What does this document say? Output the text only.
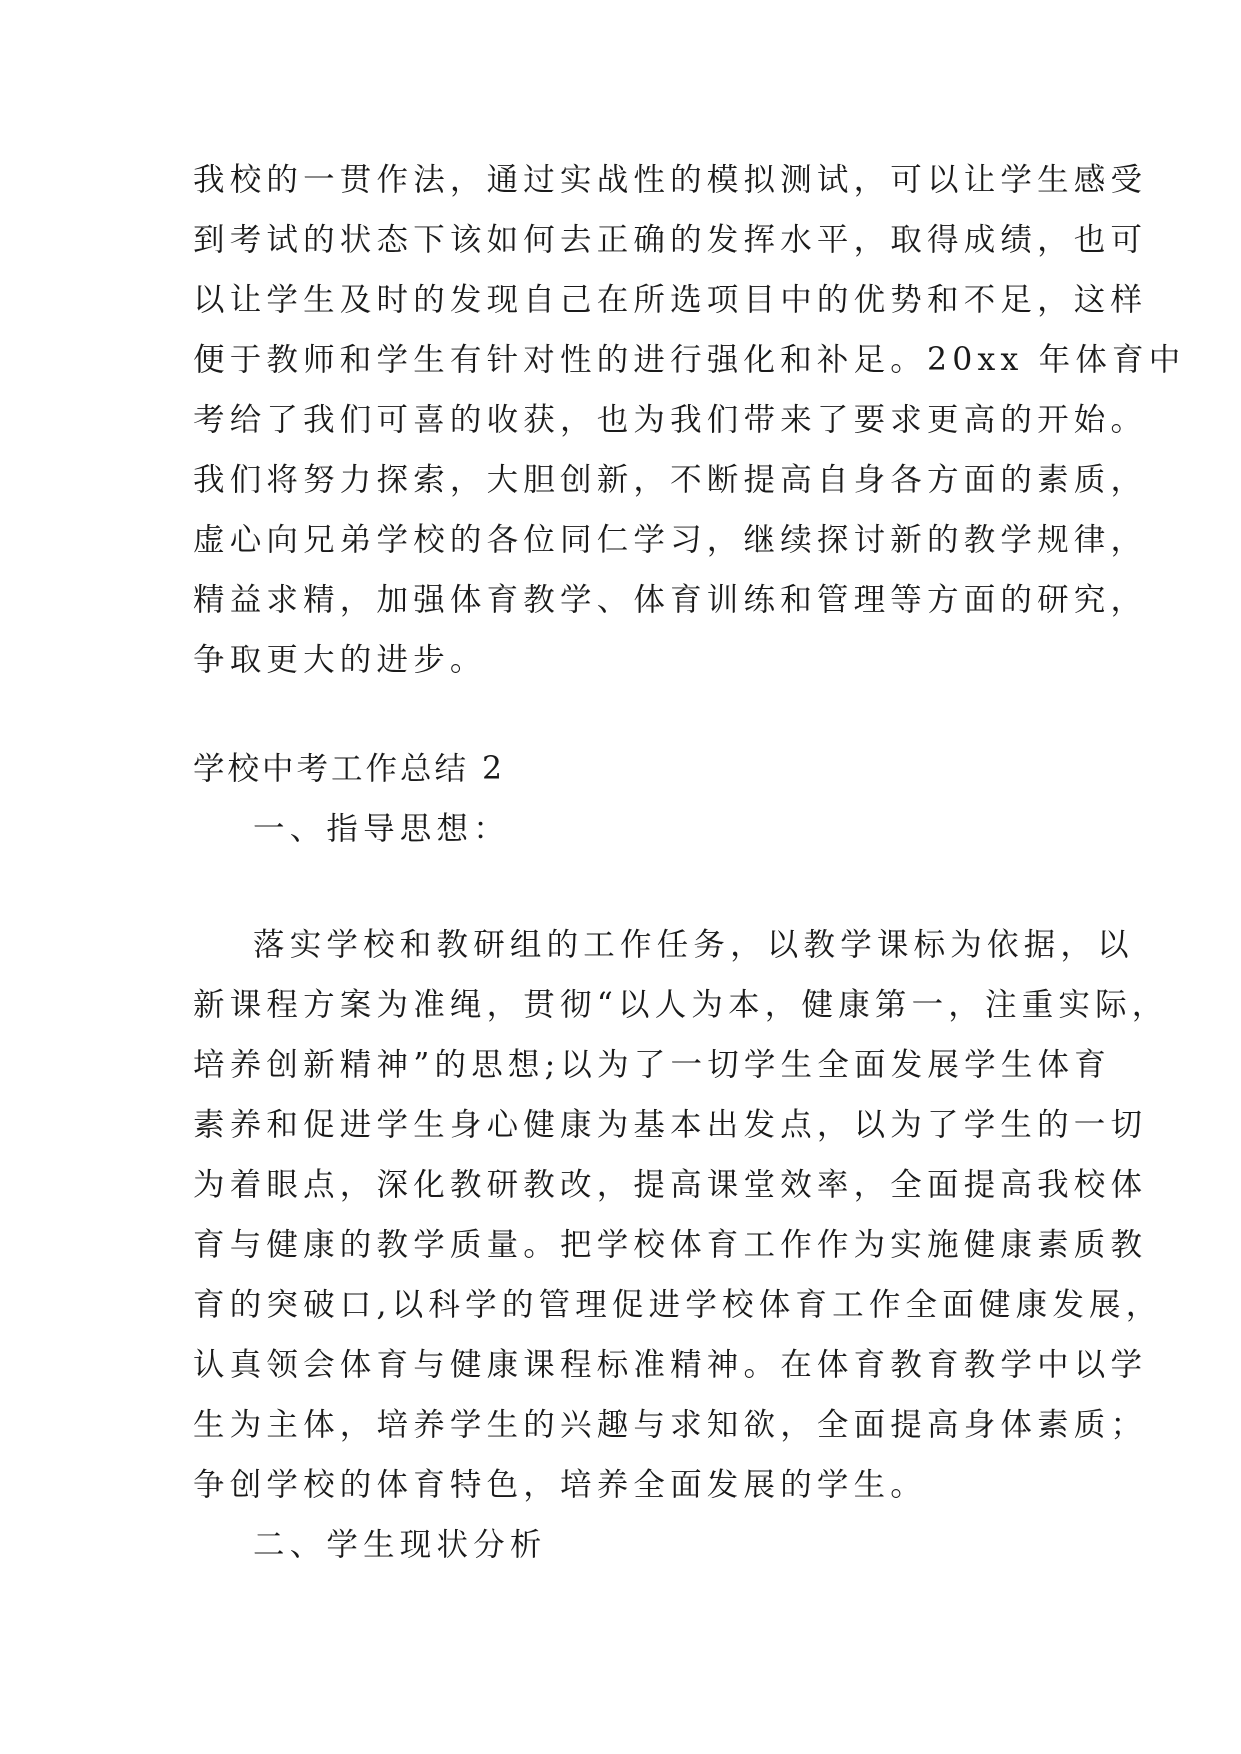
我校的一贯作法，通过实战性的模拟测试，可以让学生感受
到考试的状态下该如何去正确的发挥水平，取得成绩，也可
以让学生及时的发现自己在所选项目中的优势和不足，这样
便于教师和学生有针对性的进行强化和补足。20xx 年体育中
考给了我们可喜的收获，也为我们带来了要求更高的开始。
我们将努力探索，大胆创新，不断提高自身各方面的素质，
虚心向兄弟学校的各位同仁学习，继续探讨新的教学规律，
精益求精，加强体育教学、体育训练和管理等方面的研究，
争取更大的进步。
学校中考工作总结 2
一、指导思想：
落实学校和教研组的工作任务，以教学课标为依据，以
新课程方案为准绳，贯彻“以人为本，健康第一，注重实际，
培养创新精神”的思想;以为了一切学生全面发展学生体育
素养和促进学生身心健康为基本出发点，以为了学生的一切
为着眼点，深化教研教改，提高课堂效率，全面提高我校体
育与健康的教学质量。把学校体育工作作为实施健康素质教
育的突破口,以科学的管理促进学校体育工作全面健康发展，
认真领会体育与健康课程标准精神。在体育教育教学中以学
生为主体，培养学生的兴趣与求知欲，全面提高身体素质；
争创学校的体育特色，培养全面发展的学生。
二、学生现状分析
